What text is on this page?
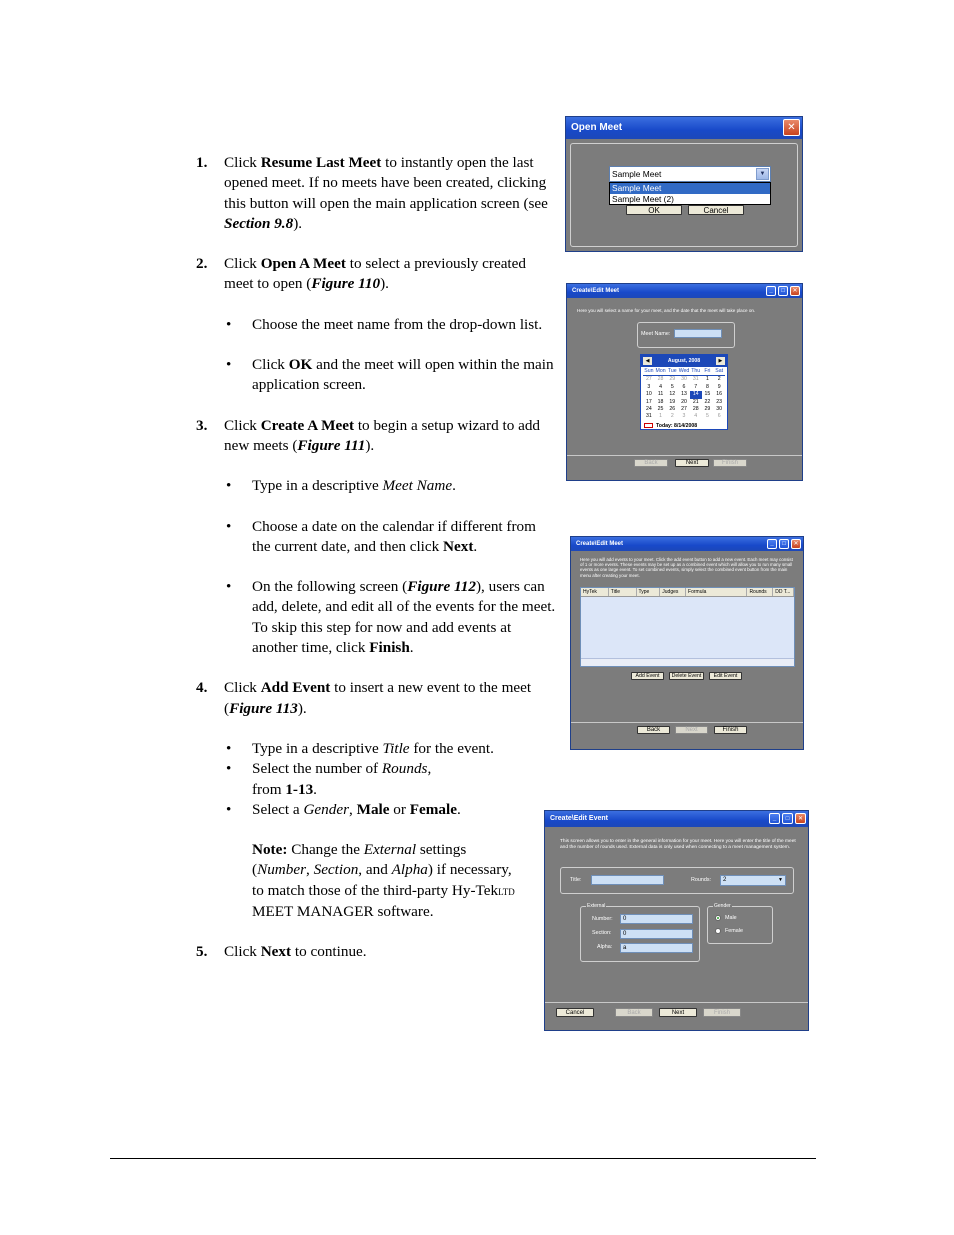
1. Click Resume Last Meet to instantly open the last opened meet. If no meets have been created, clicking this button will open the main application screen (see Section 9.8).
2. Click Open A Meet to select a previously created meet to open (Figure 110).
• Choose the meet name from the drop-down list.
• Click OK and the meet will open within the main application screen.
3. Click Create A Meet to begin a setup wizard to add new meets (Figure 111).
• Type in a descriptive Meet Name.
• Choose a date on the calendar if different from the current date, and then click Next.
• On the following screen (Figure 112), users can add, delete, and edit all of the events for the meet. To skip this step for now and add events at another time, click Finish.
4. Click Add Event to insert a new event to the meet (Figure 113).
• Type in a descriptive Title for the event.
• Select the number of Rounds, from 1-13.
• Select a Gender, Male or Female.
Note: Change the External settings (Number, Section, and Alpha) if necessary, to match those of the third-party Hy-TekLTD MEET MANAGER software.
5. Click Next to continue.
Open Meet	✕
Sample Meet	▼
Sample Meet
Sample Meet (2)
OK	Cancel
Create\Edit Meet	_	□	✕
Here you will select a name for your meet, and the date that the meet will take place on.
Meet Name:
◀	August, 2008	▶
Sun Mon Tue Wed Thu Fri Sat
27	28	29	30	31	1	2
3	4	5	6	7	8	9
10	11	12	13	14	15	16
17	18	19	20	21	22	23
24	25	26	27	28	29	30
31	1	2	3	4	5	6
Today: 8/14/2008
Back	Next	Finish
Create\Edit Meet	_	□	✕
Here you will add events to your meet. Click the add event button to add a new event. Each meet may consist of 1 or more events. These events may be set up as a combined event which will allow you to run many small events as one large event. To set combined events, simply select the combined event button from the main menu after creating your meet.
HyTek	Title	Type	Judges	Formula	Rounds	DD T...
Add Event	Delete Event	Edit Event
Back	Next	Finish
Create\Edit Event	_	□	✕
This screen allows you to enter in the general information for your meet. Here you will enter the title of the meet and the number of rounds used. External data is only used when connecting to a meet management system.
Title:	Rounds:	2	▼
External
Number:	0
Section:	0
Alpha:	a
Gender
Male
Female
Cancel	Back	Next	Finish
